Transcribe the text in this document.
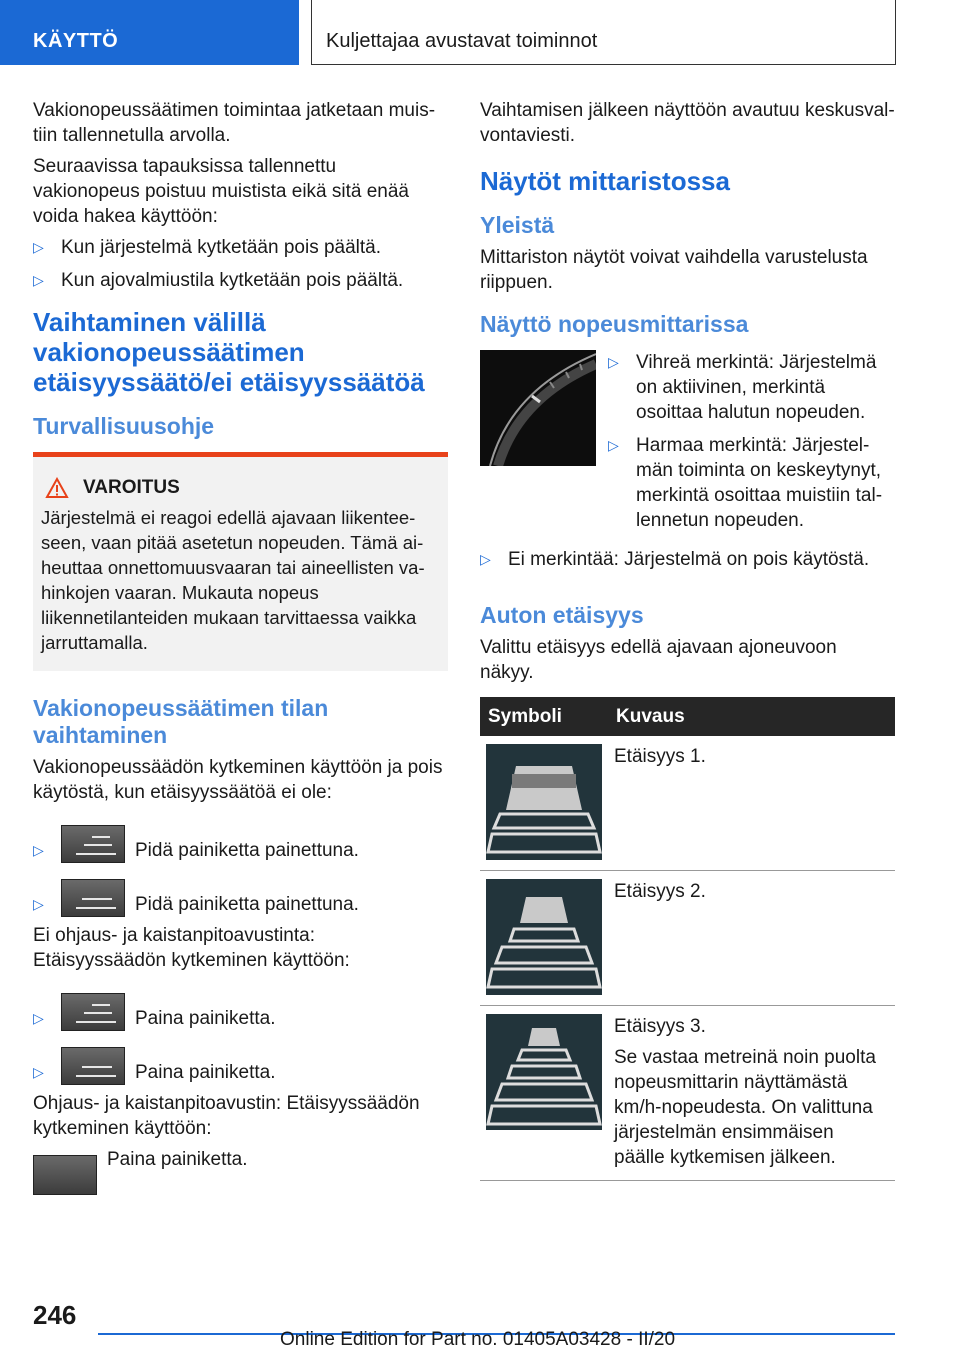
KÄYTTÖ	Kuljettajaa avustavat toiminnot

Vakionopeussäätimen toimintaa jatketaan muistiin tallennetulla arvolla.

Seuraavissa tapauksissa tallennettu vakionopeus poistuu muistista eikä sitä enää voida hakea käyttöön:

▷ Kun järjestelmä kytketään pois päältä.
▷ Kun ajovalmiustila kytketään pois päältä.
Vaihtaminen välillä vakionopeussäätimen etäisyyssäätö/ei etäisyyssäätöä
Turvallisuusohje
VAROITUS

Järjestelmä ei reagoi edellä ajavaan liikenteeseen, vaan pitää asetetun nopeuden. Tämä aiheuttaa onnettomuusvaaran tai aineellisten vahinkojen vaaran. Mukauta nopeus liikennetilanteiden mukaan tarvittaessa vaikka jarruttamalla.

Vakionopeussäätimen tilan vaihtaminen

Vakionopeussäädön kytkeminen käyttöön ja pois käytöstä, kun etäisyyssäätöä ei ole:

▷	Pidä painiketta painettuna.
▷	Pidä painiketta painettuna.

Ei ohjaus- ja kaistanpitoavustinta: Etäisyyssäädön kytkeminen käyttöön:

▷	Paina painiketta.
▷	Paina painiketta.

Ohjaus- ja kaistanpitoavustin: Etäisyyssäädön kytkeminen käyttöön:

Paina painiketta.

Vaihtamisen jälkeen näyttöön avautuu keskusvalvontaviesti.

Näytöt mittaristossa
Yleistä

Mittariston näytöt voivat vaihdella varustelusta riippuen.

Näyttö nopeusmittarissa
▷ Vihreä merkintä: Järjestelmä on aktiivinen, merkintä osoittaa halutun nopeuden.
▷ Harmaa merkintä: Järjestelmän toiminta on keskeytynyt, merkintä osoittaa muistiin tallennetun nopeuden.
▷ Ei merkintää: Järjestelmä on pois käytöstä.
Auton etäisyys

Valittu etäisyys edellä ajavaan ajoneuvoon näkyy.

Symboli	Kuvaus

	Etäisyys 1.

	Etäisyys 2.

Etäisyys 3.
Se vastaa metreinä noin puolta nopeusmittarin näyttämästä km/h-nopeudesta. On valittuna järjestelmän ensimmäisen päälle kytkemisen jälkeen.
246
Online Edition for Part no. 01405A03428 - II/20
